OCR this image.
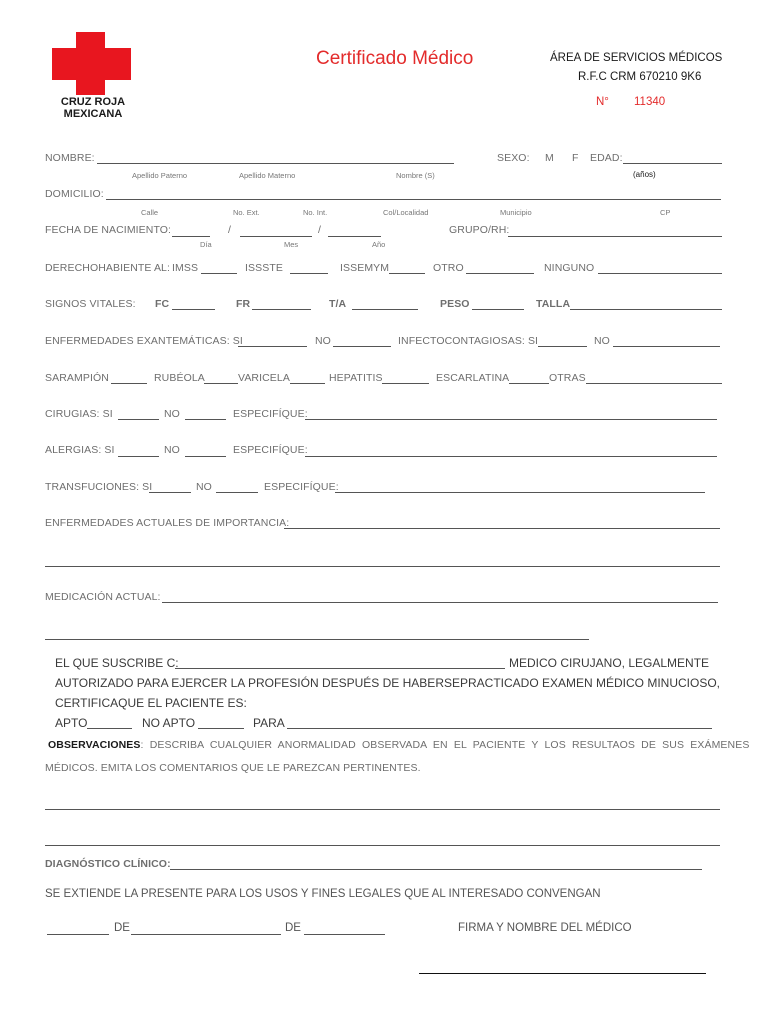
CRUZ ROJA
MEXICANA
Certificado Médico	ÁREA DE SERVICIOS MÉDICOS
R.F.C CRM 670210 9K6
N° 11340
NOMBRE:	SEXO: M F EDAD:
Apellido Paterno	Apellido Materno	Nombre (S)	(años)
DOMICILIO:
Calle	No. Ext.	No. Int.	Col/Localidad	Municipio	CP
FECHA DE NACIMIENTO:	/	/
Día	Mes	Año
GRUPO/RH:
DERECHOHABIENTE AL: IMSS	ISSSTE	ISSEMYM	OTRO	NINGUNO
SIGNOS VITALES: FC	FR	T/A	PESO	TALLA
ENFERMEDADES EXANTEMÁTICAS: SI	NO	INFECTOCONTAGIOSAS: SI	NO
SARAMPIÓN	RUBÉOLA	VARICELA	HEPATITIS	ESCARLATINA	OTRAS
CIRUGIAS: SI	NO	ESPECIFÍQUE:
ALERGIAS: SI	NO	ESPECIFÍQUE:
TRANSFUCIONES: SI	NO	ESPECIFÍQUE:
ENFERMEDADES ACTUALES DE IMPORTANCIA:
MEDICACIÓN ACTUAL:
EL QUE SUSCRIBE C:	MEDICO CIRUJANO, LEGALMENTE
AUTORIZADO PARA EJERCER LA PROFESIÓN DESPUÉS DE HABERSEPRACTICADO EXAMEN MÉDICO MINUCIOSO,
CERTIFICAQUE EL PACIENTE ES:
APTO	NO APTO	PARA
OBSERVACIONES: DESCRIBA CUALQUIER ANORMALIDAD OBSERVADA EN EL PACIENTE Y LOS RESULTAOS DE SUS EXÁMENES
MÉDICOS. EMITA LOS COMENTARIOS QUE LE PAREZCAN PERTINENTES.
DIAGNÓSTICO CLÍNICO:
SE EXTIENDE LA PRESENTE PARA LOS USOS Y FINES LEGALES QUE AL INTERESADO CONVENGAN
DE	DE	FIRMA Y NOMBRE DEL MÉDICO
